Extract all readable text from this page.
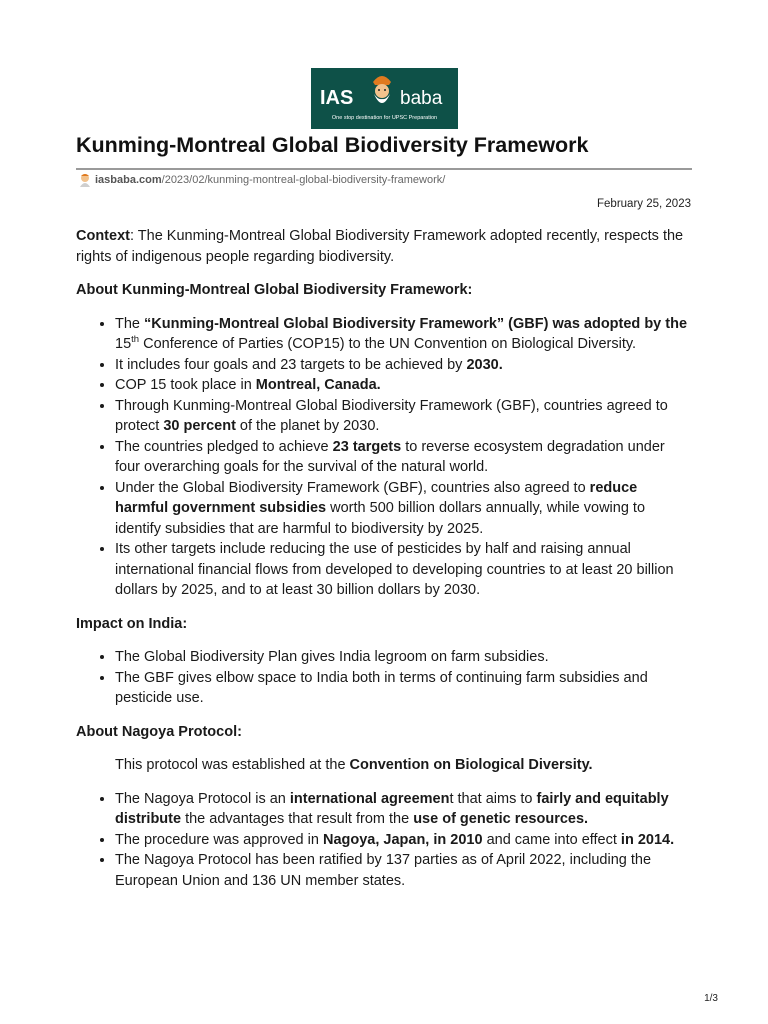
IAS baba
One stop destination for UPSC Preparation
Kunming-Montreal Global Biodiversity Framework
iasbaba.com /2023/02/kunming-montreal-global-biodiversity-framework/
February 25, 2023

Context: The Kunming-Montreal Global Biodiversity Framework adopted recently, respects the rights of indigenous people regarding biodiversity.

About Kunming-Montreal Global Biodiversity Framework:
• The “Kunming-Montreal Global Biodiversity Framework” (GBF) was adopted by the 15th Conference of Parties (COP15) to the UN Convention on Biological Diversity.
• It includes four goals and 23 targets to be achieved by 2030.
• COP 15 took place in Montreal, Canada.
• Through Kunming-Montreal Global Biodiversity Framework (GBF), countries agreed to protect 30 percent of the planet by 2030.
• The countries pledged to achieve 23 targets to reverse ecosystem degradation under four overarching goals for the survival of the natural world.
• Under the Global Biodiversity Framework (GBF), countries also agreed to reduce harmful government subsidies worth 500 billion dollars annually, while vowing to identify subsidies that are harmful to biodiversity by 2025.
• Its other targets include reducing the use of pesticides by half and raising annual international financial flows from developed to developing countries to at least 20 billion dollars by 2025, and to at least 30 billion dollars by 2030.
Impact on India:
• The Global Biodiversity Plan gives India legroom on farm subsidies.
• The GBF gives elbow space to India both in terms of continuing farm subsidies and pesticide use.
About Nagoya Protocol:

This protocol was established at the Convention on Biological Diversity.

• The Nagoya Protocol is an international agreement that aims to fairly and equitably distribute the advantages that result from the use of genetic resources.
• The procedure was approved in Nagoya, Japan, in 2010 and came into effect in 2014.
• The Nagoya Protocol has been ratified by 137 parties as of April 2022, including the European Union and 136 UN member states.
1/3
